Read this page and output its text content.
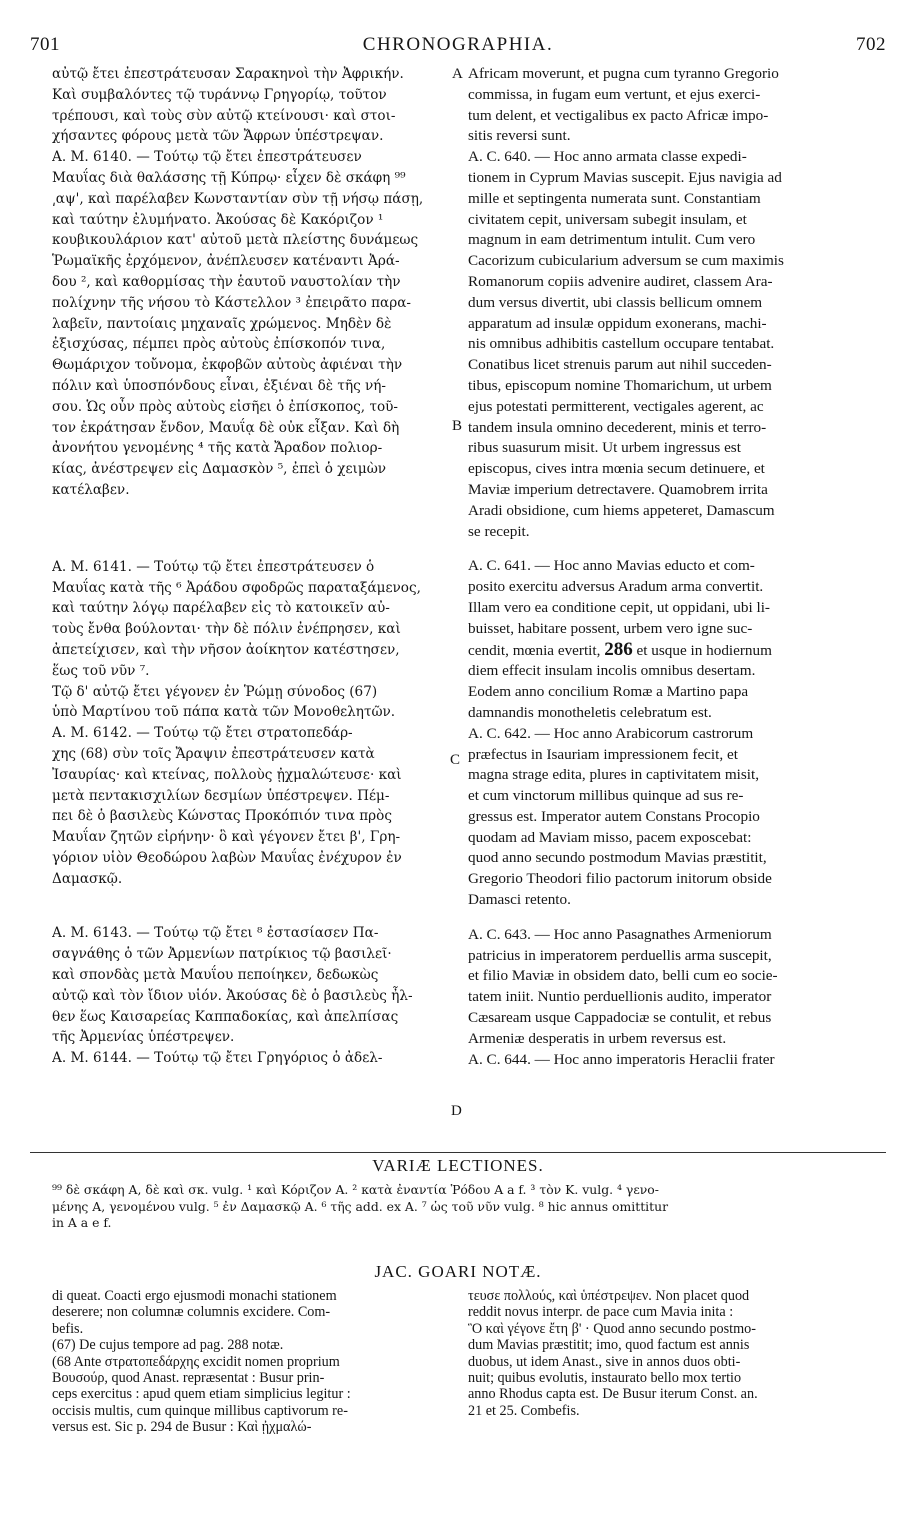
701	CHRONOGRAPHIA.	702
A
B
C
D
αὐτῷ ἔτει ἐπεστράτευσαν Σαρακηνοὶ τὴν Ἀφρικήν.
Καὶ συμβαλόντες τῷ τυράννῳ Γρηγορίῳ, τοῦτον
τρέπουσι, καὶ τοὺς σὺν αὐτῷ κτείνουσι· καὶ στοι-
χήσαντες φόρους μετὰ τῶν Ἄφρων ὑπέστρεψαν.
A. M. 6140. — Τούτῳ τῷ ἔτει ἐπεστράτευσεν
Μαυΐας διὰ θαλάσσης τῇ Κύπρῳ· εἶχεν δὲ σκάφη ⁹⁹
͵αψ', καὶ παρέλαβεν Κωνσταντίαν σὺν τῇ νήσῳ πάσῃ,
καὶ ταύτην ἐλυμήνατο. Ἀκούσας δὲ Κακόριζον ¹
κουβικουλάριον κατ' αὐτοῦ μετὰ πλείστης δυνάμεως
Ῥωμαϊκῆς ἐρχόμενον, ἀνέπλευσεν κατέναντι Ἀρά-
δου ², καὶ καθορμίσας τὴν ἑαυτοῦ ναυστολίαν τὴν
πολίχνην τῆς νήσου τὸ Κάστελλον ³ ἐπειρᾶτο παρα-
λαβεῖν, παντοίαις μηχαναῖς χρώμενος. Μηδὲν δὲ
ἐξισχύσας, πέμπει πρὸς αὐτοὺς ἐπίσκοπόν τινα,
Θωμάριχον τοὔνομα, ἐκφοβῶν αὐτοὺς ἀφιέναι τὴν
πόλιν καὶ ὑποσπόνδους εἶναι, ἐξιέναι δὲ τῆς νή-
σου. Ὡς οὖν πρὸς αὐτοὺς εἰσῆει ὁ ἐπίσκοπος, τοῦ-
τον ἐκράτησαν ἔνδον, Μαυΐᾳ δὲ οὐκ εἶξαν. Καὶ δὴ
ἀνονήτου γενομένης ⁴ τῆς κατὰ Ἄραδον πολιορ-
κίας, ἀνέστρεψεν εἰς Δαμασκὸν ⁵, ἐπεὶ ὁ χειμὼν
κατέλαβεν.
A. M. 6141. — Τούτῳ τῷ ἔτει ἐπεστράτευσεν ὁ
Μαυΐας κατὰ τῆς ⁶ Ἀράδου σφοδρῶς παραταξάμενος,
καὶ ταύτην λόγῳ παρέλαβεν εἰς τὸ κατοικεῖν αὐ-
τοὺς ἔνθα βούλονται· τὴν δὲ πόλιν ἐνέπρησεν, καὶ
ἀπετείχισεν, καὶ τὴν νῆσον ἀοίκητον κατέστησεν,
ἕως τοῦ νῦν ⁷.
Τῷ δ' αὐτῷ ἔτει γέγονεν ἐν Ῥώμῃ σύνοδος (67)
ὑπὸ Μαρτίνου τοῦ πάπα κατὰ τῶν Μονοθελητῶν.
A. M. 6142. — Τούτῳ τῷ ἔτει στρατοπεδάρ-
χης (68) σὺν τοῖς Ἄραψιν ἐπεστράτευσεν κατὰ
Ἰσαυρίας· καὶ κτείνας, πολλοὺς ᾐχμαλώτευσε· καὶ
μετὰ πεντακισχιλίων δεσμίων ὑπέστρεψεν. Πέμ-
πει δὲ ὁ βασιλεὺς Κώνστας Προκόπιόν τινα πρὸς
Μαυΐαν ζητῶν εἰρήνην· ὃ καὶ γέγονεν ἔτει β', Γρη-
γόριον υἱὸν Θεοδώρου λαβὼν Μαυΐας ἐνέχυρον ἐν
Δαμασκῷ.
A. M. 6143. — Τούτῳ τῷ ἔτει ⁸ ἐστασίασεν Πα-
σαγνάθης ὁ τῶν Ἀρμενίων πατρίκιος τῷ βασιλεῖ·
καὶ σπονδὰς μετὰ Μαυΐου πεποίηκεν, δεδωκὼς
αὐτῷ καὶ τὸν ἴδιον υἱόν. Ἀκούσας δὲ ὁ βασιλεὺς ἦλ-
θεν ἕως Καισαρείας Καππαδοκίας, καὶ ἀπελπίσας
τῆς Ἀρμενίας ὑπέστρεψεν.
A. M. 6144. — Τούτῳ τῷ ἔτει Γρηγόριος ὁ ἀδελ-
Africam moverunt, et pugna cum tyranno Gregorio
commissa, in fugam eum vertunt, et ejus exerci-
tum delent, et vectigalibus ex pacto Africæ impo-
sitis reversi sunt.
A. C. 640. — Hoc anno armata classe expedi-
tionem in Cyprum Mavias suscepit. Ejus navigia ad
mille et septingenta numerata sunt. Constantiam
civitatem cepit, universam subegit insulam, et
magnum in eam detrimentum intulit. Cum vero
Cacorizum cubicularium adversum se cum maximis
Romanorum copiis advenire audiret, classem Ara-
dum versus divertit, ubi classis bellicum omnem
apparatum ad insulæ oppidum exonerans, machi-
nis omnibus adhibitis castellum occupare tentabat.
Conatibus licet strenuis parum aut nihil succeden-
tibus, episcopum nomine Thomarichum, ut urbem
ejus potestati permitterent, vectigales agerent, ac
tandem insula omnino decederent, minis et terro-
ribus suasurum misit. Ut urbem ingressus est
episcopus, cives intra mœnia secum detinuere, et
Maviæ imperium detrectavere. Quamobrem irrita
Aradi obsidione, cum hiems appeteret, Damascum
se recepit.
A. C. 641. — Hoc anno Mavias educto et com-
posito exercitu adversus Aradum arma convertit.
Illam vero ea conditione cepit, ut oppidani, ubi li-
buisset, habitare possent, urbem vero igne suc-
cendit, mœnia evertit, 286 et usque in hodiernum
diem effecit insulam incolis omnibus desertam.
Eodem anno concilium Romæ a Martino papa
damnandis monotheletis celebratum est.
A. C. 642. — Hoc anno Arabicorum castrorum
præfectus in Isauriam impressionem fecit, et
magna strage edita, plures in captivitatem misit,
et cum vinctorum millibus quinque ad sus re-
gressus est. Imperator autem Constans Procopio
quodam ad Maviam misso, pacem exposcebat:
quod anno secundo postmodum Mavias præstitit,
Gregorio Theodori filio pactorum initorum obside
Damasci retento.
A. C. 643. — Hoc anno Pasagnathes Armeniorum
patricius in imperatorem perduellis arma suscepit,
et filio Maviæ in obsidem dato, belli cum eo socie-
tatem iniit. Nuntio perduellionis audito, imperator
Cæsaream usque Cappadociæ se contulit, et rebus
Armeniæ desperatis in urbem reversus est.
A. C. 644. — Hoc anno imperatoris Heraclii frater
VARIÆ LECTIONES.
⁹⁹ δὲ σκάφη A, δὲ καὶ σκ. vulg. ¹ καὶ Κόριζον A. ² κατὰ ἐναντία Ῥόδου A a f. ³ τὸν K. vulg. ⁴ γενο-
μένης A, γενομένου vulg. ⁵ ἐν Δαμασκῷ A. ⁶ τῆς add. ex A. ⁷ ὡς τοῦ νῦν vulg. ⁸ hic annus omittitur
in A a e f.
JAC. GOARI NOTÆ.
di queat. Coacti ergo ejusmodi monachi stationem
deserere; non columnæ columnis excidere. Com-
befis.
(67) De cujus tempore ad pag. 288 notæ.
(68 Ante στρατοπεδάρχης excidit nomen proprium
Βουσούρ, quod Anast. repræsentat : Busur prin-
ceps exercitus : apud quem etiam simplicius legitur :
occisis multis, cum quinque millibus captivorum re-
versus est. Sic p. 294 de Busur : Καὶ ᾐχμαλώ-
τευσε πολλούς, καὶ ὑπέστρεψεν. Non placet quod
reddit novus interpr. de pace cum Mavia inita :
Ὃ καὶ γέγονε ἔτη β' · Quod anno secundo postmo-
dum Mavias præstitit; imo, quod factum est annis
duobus, ut idem Anast., sive in annos duos obti-
nuit; quibus evolutis, instaurato bello mox tertio
anno Rhodus capta est. De Busur iterum Const. an.
21 et 25. Combefis.
